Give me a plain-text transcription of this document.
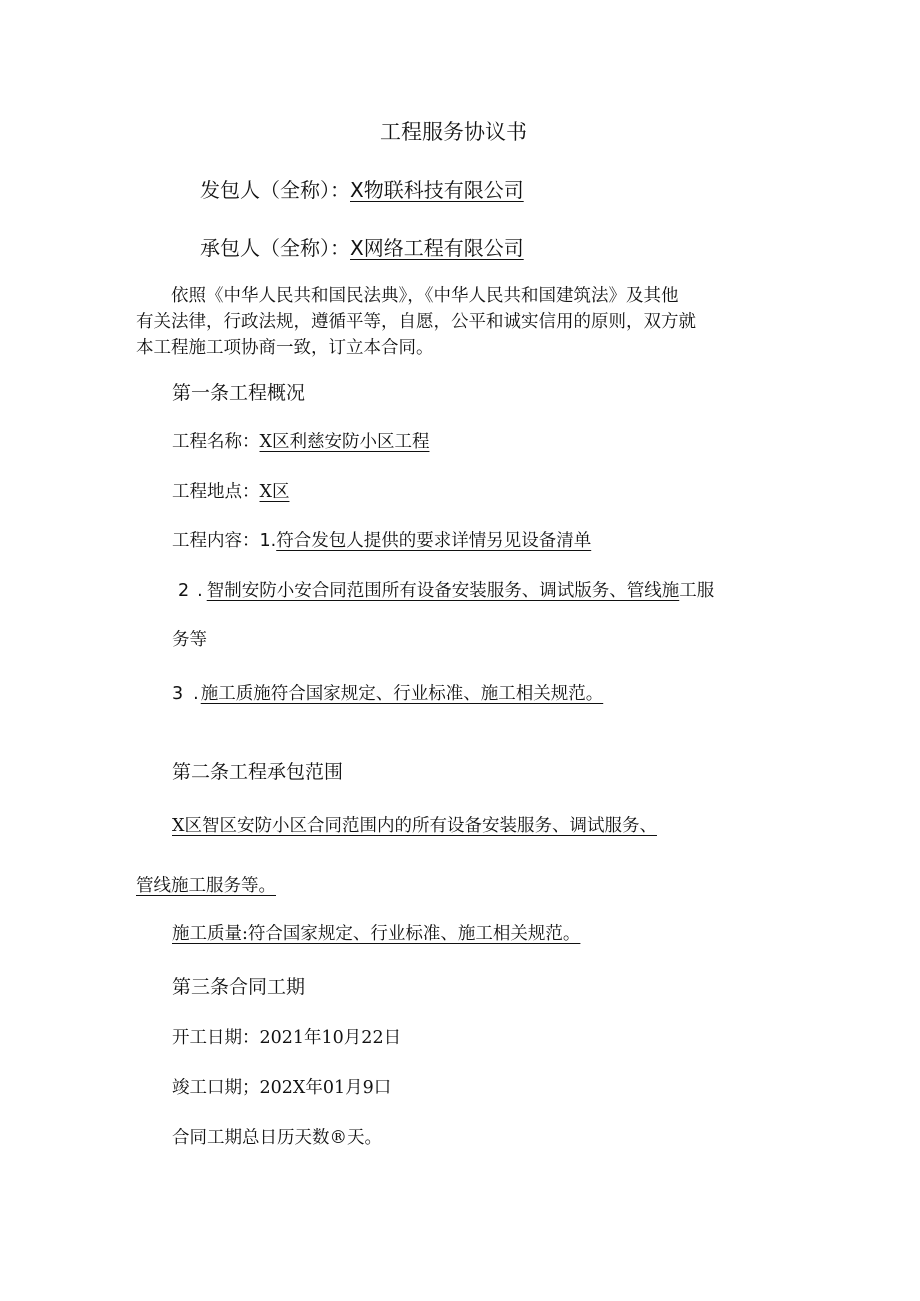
工程服务协议书
发包人（全称）：X物联科技有限公司
承包人（全称）：X网络工程有限公司
依照《中华人民共和国民法典》，《中华人民共和国建筑法》及其他
有关法律，行政法规，遵循平等，自愿，公平和诚实信用的原则，双方就
本工程施工项协商一致，订立本合同。
第一条工程概况
工程名称：X区利慈安防小区工程
工程地点：X区
工程内容：1.符合发包人提供的要求详情另见设备清单
2 . 智制安防小安合同范围所有设备安装服务、调试版务、管线施工服
务等
3 . 施工质施符合国家规定、行业标准、施工相关规范。
第二条工程承包范围
X区智区安防小区合同范围内的所有设备安装服务、调试服务、
管线施工服务等。
施工质量:符合国家规定、行业标准、施工相关规范。
第三条合同工期
开工日期：2021年10月22日
竣工口期；202X年01月9口
合同工期总日历天数®天。
